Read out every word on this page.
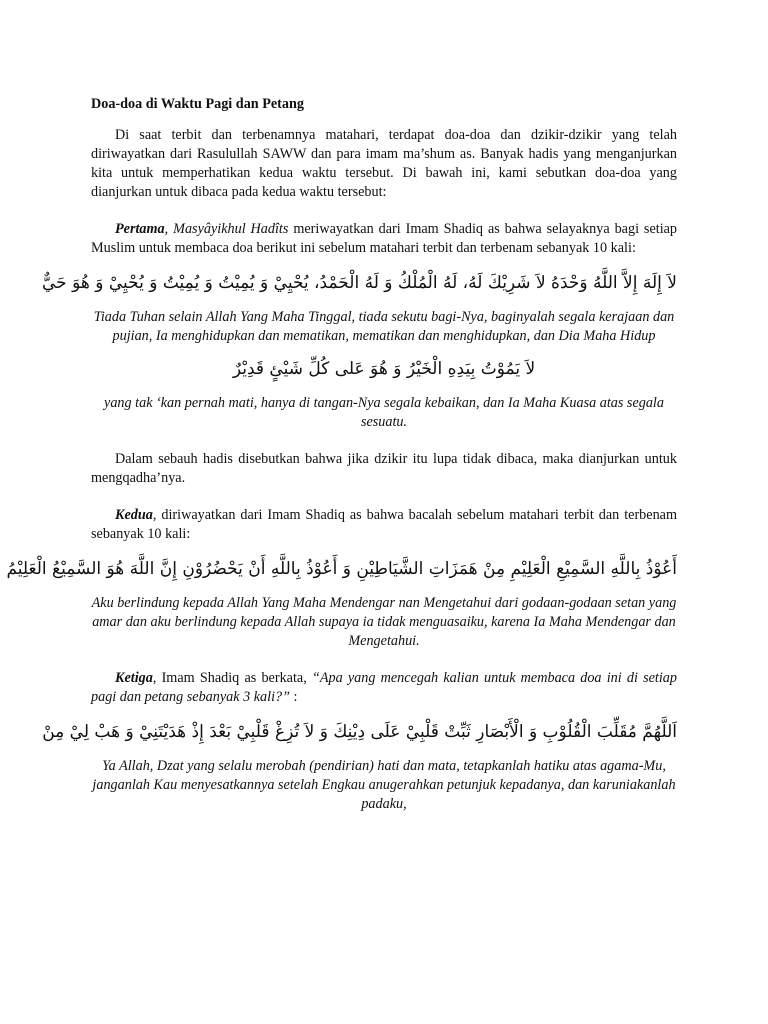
Doa-doa di Waktu Pagi dan Petang

Di saat terbit dan terbenamnya matahari, terdapat doa-doa dan dzikir-dzikir yang telah diriwayatkan dari Rasulullah SAWW dan para imam ma’shum as. Banyak hadis yang menganjurkan kita untuk memperhatikan kedua waktu tersebut. Di bawah ini, kami sebutkan doa-doa yang dianjurkan untuk dibaca pada kedua waktu tersebut:

Pertama, Masyâyikhul Hadîts meriwayatkan dari Imam Shadiq as bahwa selayaknya bagi setiap Muslim untuk membaca doa berikut ini sebelum matahari terbit dan terbenam sebanyak 10 kali:

لاَ إِلَهَ إِلاَّ اللَّهُ وَحْدَهُ لاَ شَرِيْكَ لَهُ، لَهُ الْمُلْكُ وَ لَهُ الْحَمْدُ، يُحْيِيْ وَ يُمِيْتُ وَ يُمِيْتُ وَ يُحْيِيْ وَ هُوَ حَيٌّ

Tiada Tuhan selain Allah Yang Maha Tinggal, tiada sekutu bagi-Nya, baginyalah segala kerajaan dan pujian, Ia menghidupkan dan mematikan, mematikan dan menghidupkan, dan Dia Maha Hidup

لاَ يَمُوْتُ بِيَدِهِ الْخَيْرُ وَ هُوَ عَلى كُلِّ شَيْئٍ قَدِيْرٌ

yang tak ‘kan pernah mati, hanya di tangan-Nya segala kebaikan, dan Ia Maha Kuasa atas segala sesuatu.

Dalam sebauh hadis disebutkan bahwa jika dzikir itu lupa tidak dibaca, maka dianjurkan untuk mengqadha’nya.

Kedua, diriwayatkan dari Imam Shadiq as bahwa bacalah sebelum matahari terbit dan terbenam sebanyak 10 kali:

أَعُوْذُ بِاللَّهِ السَّمِيْعِ الْعَلِيْمِ مِنْ هَمَزَاتِ الشَّيَاطِيْنِ وَ أَعُوْذُ بِاللَّهِ أَنْ يَحْضُرُوْنِ إِنَّ اللَّهَ هُوَ السَّمِيْعُ الْعَلِيْمُ

Aku berlindung kepada Allah Yang Maha Mendengar nan Mengetahui dari godaan-godaan setan yang amar dan aku berlindung kepada Allah supaya ia tidak menguasaiku, karena Ia Maha Mendengar dan Mengetahui.

Ketiga, Imam Shadiq as berkata, “Apa yang mencegah kalian untuk membaca doa ini di setiap pagi dan petang sebanyak 3 kali?” :

اَللَّهُمَّ مُقَلِّبَ الْقُلُوْبِ وَ الْأَبْصَارِ ثَبِّتْ قَلْبِيْ عَلَى دِيْنِكَ وَ لاَ تُزِغْ قَلْبِيْ بَعْدَ إِذْ هَدَيْتَنِيْ وَ هَبْ لِيْ مِنْ

Ya Allah, Dzat yang selalu merobah (pendirian) hati dan mata, tetapkanlah hatiku atas agama-Mu, janganlah Kau menyesatkannya setelah Engkau anugerahkan petunjuk kepadanya, dan karuniakanlah padaku,
